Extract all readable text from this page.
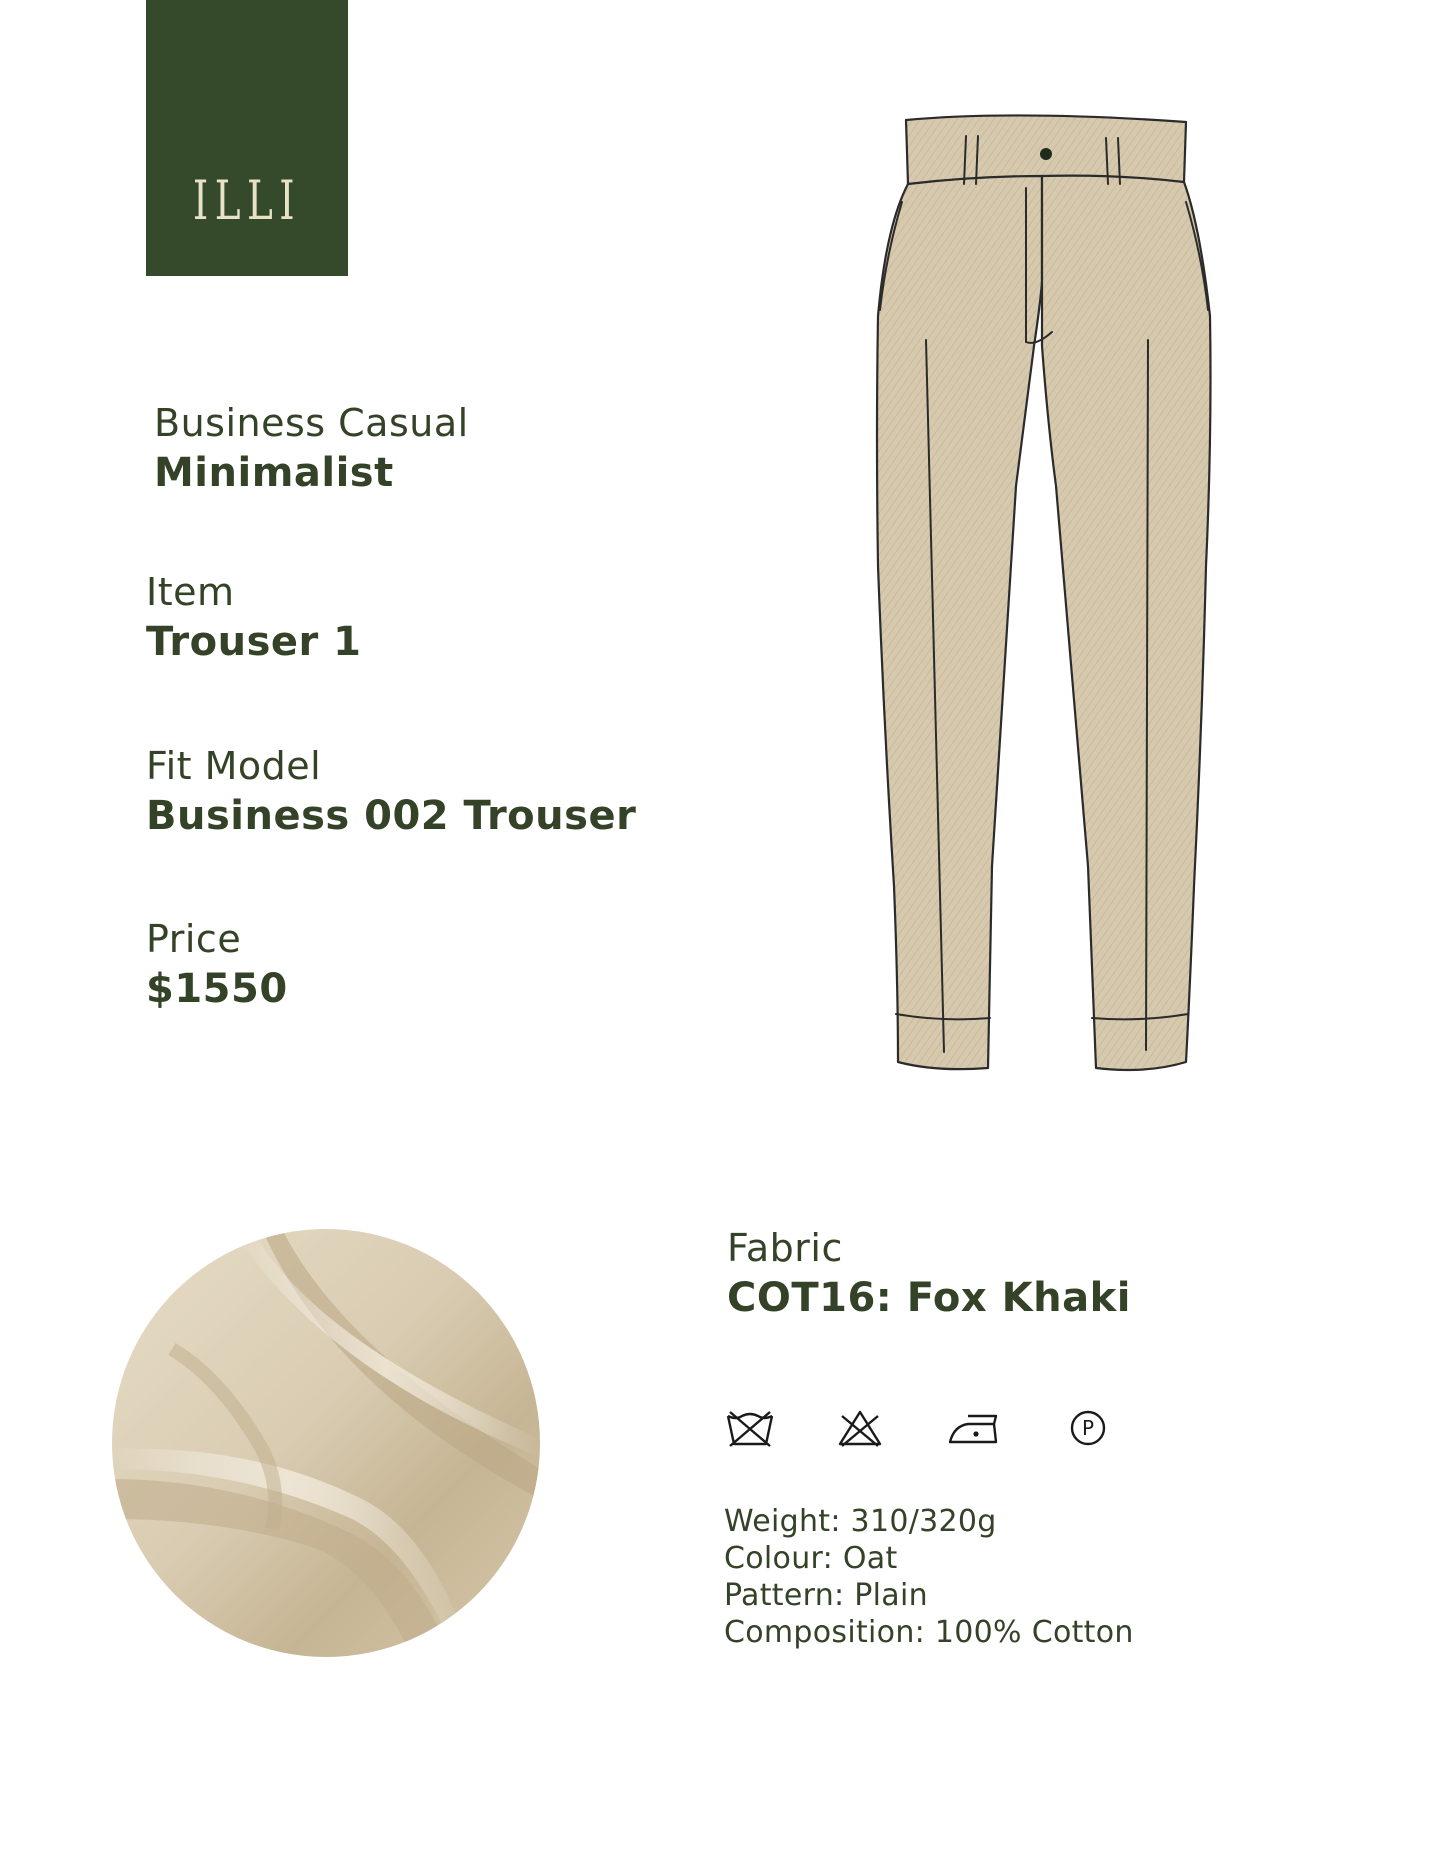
ILLI
Business Casual
Minimalist
Item
Trouser 1
Fit Model
Business 002 Trouser
Price
$1550
Fabric
COT16: Fox Khaki
P
Weight: 310/320g
Colour: Oat
Pattern: Plain
Composition: 100% Cotton
